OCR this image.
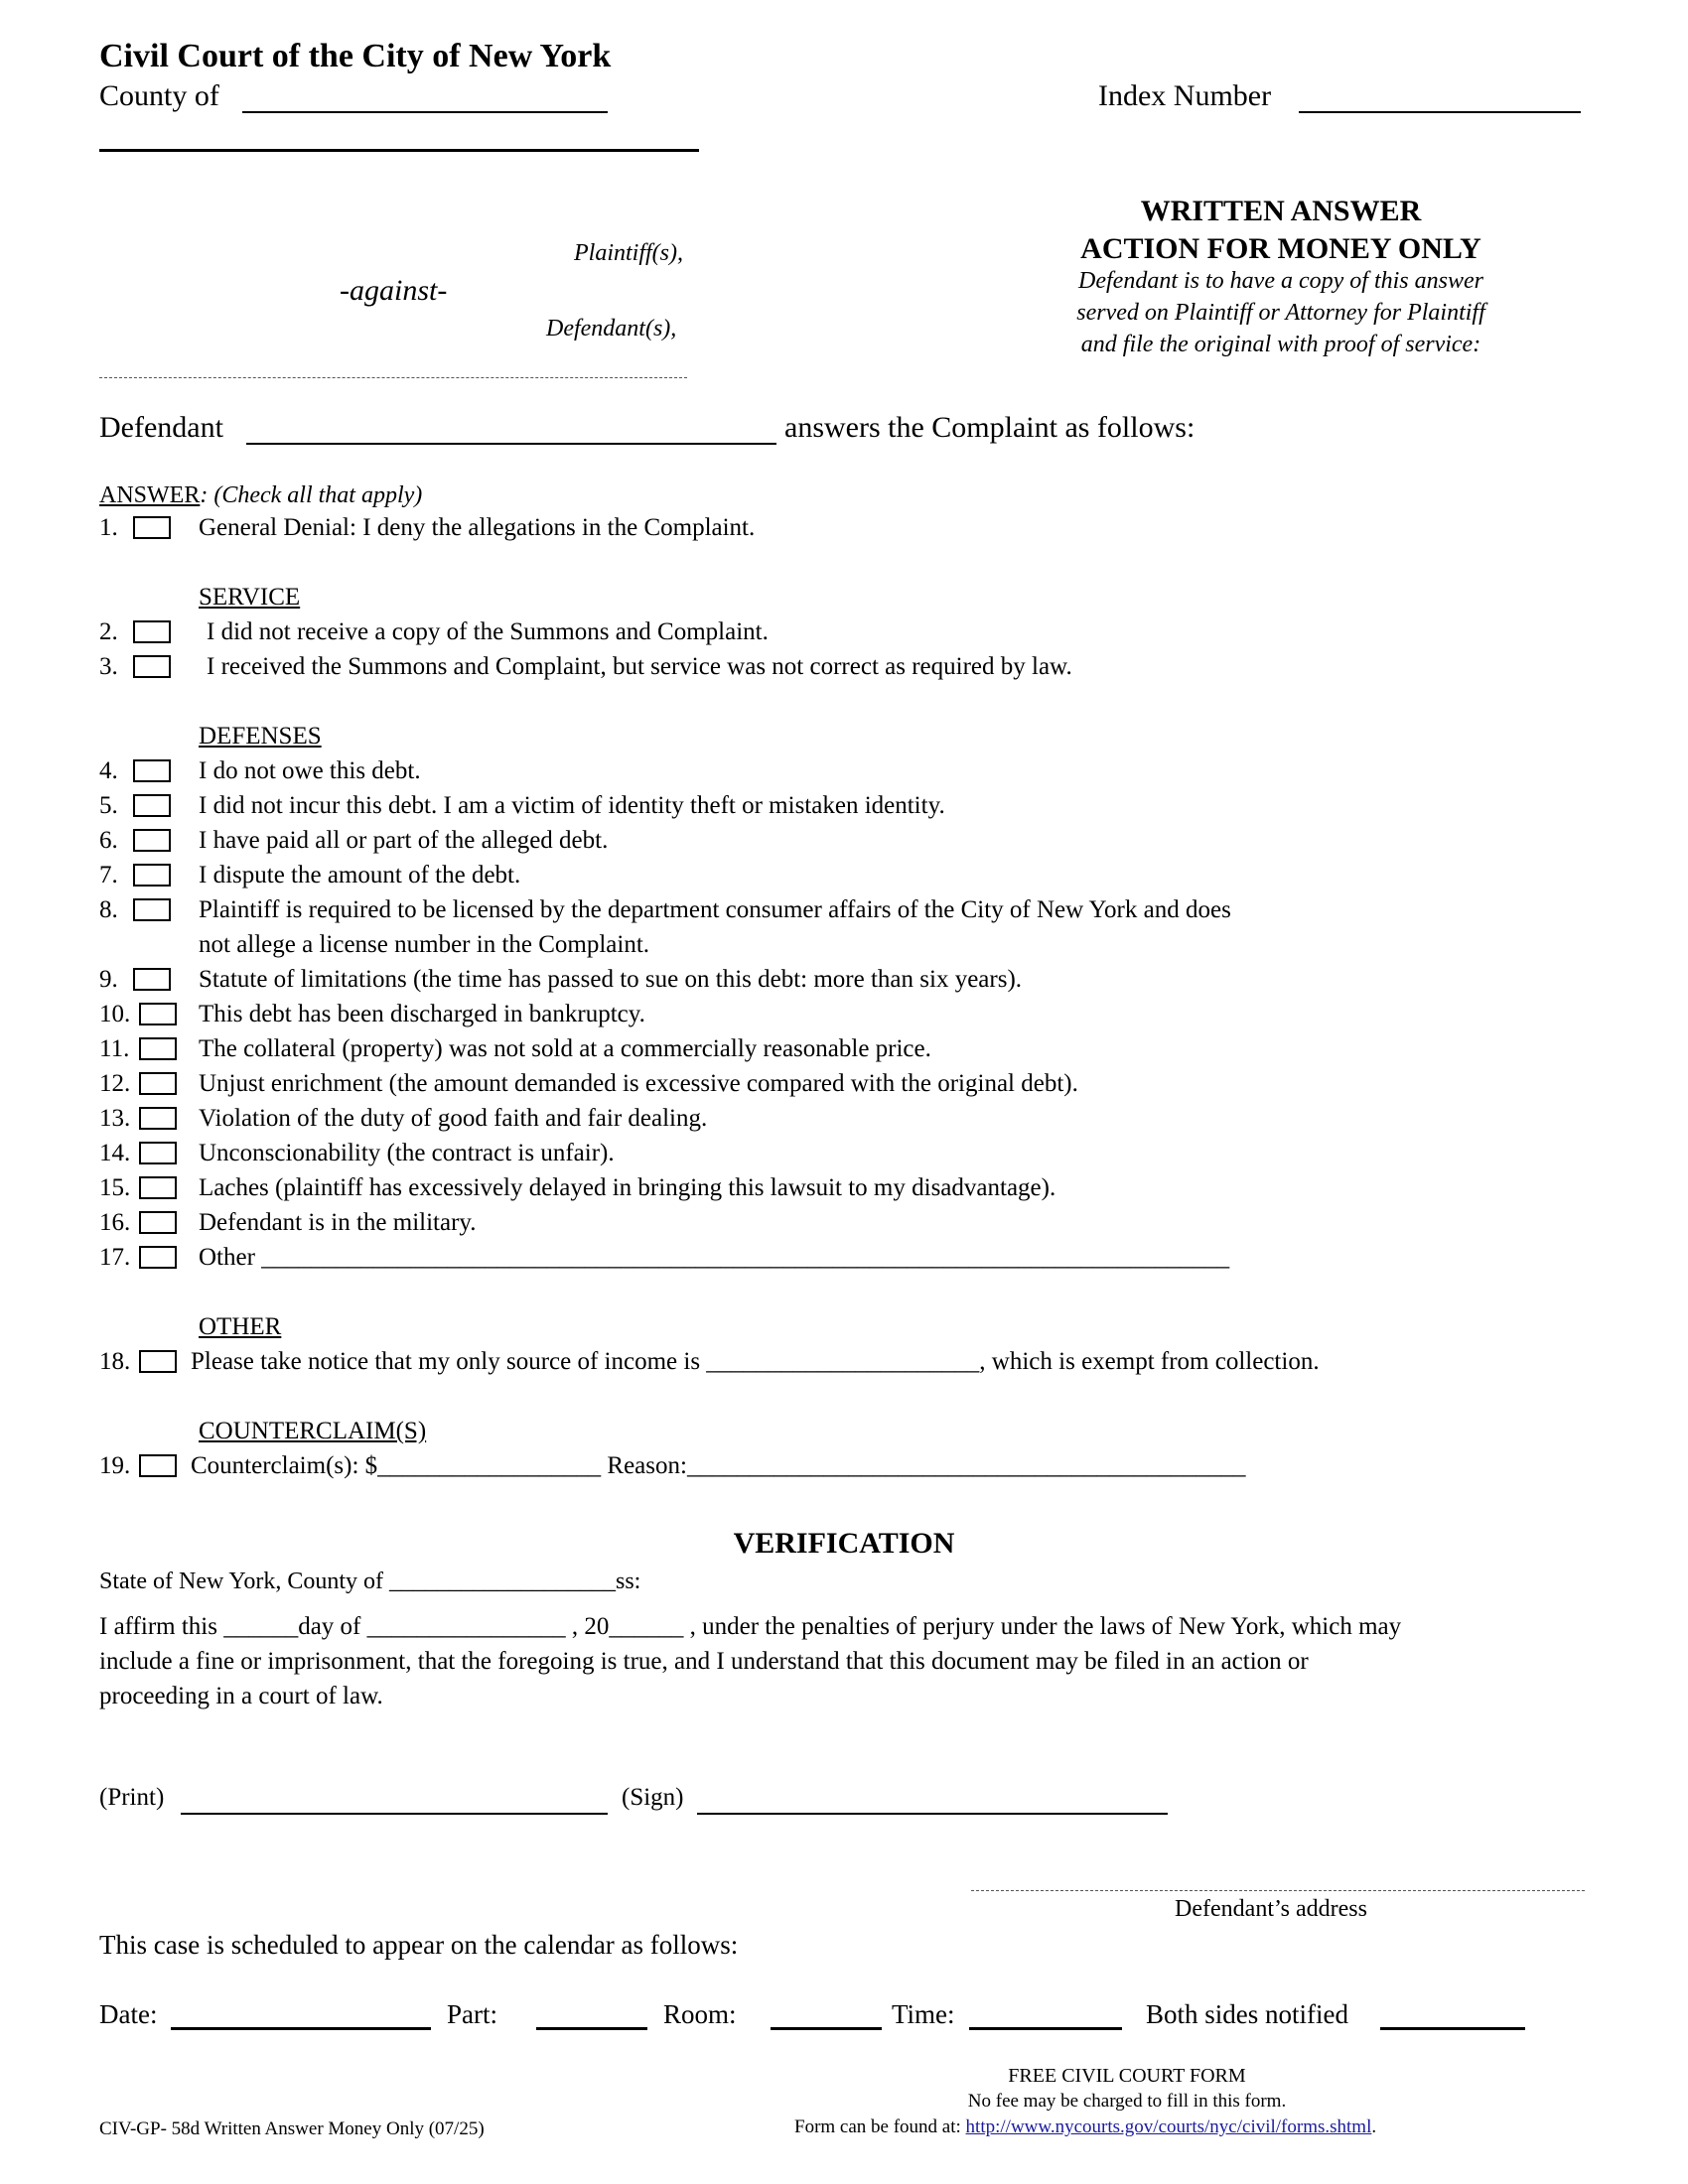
Civil Court of the City of New York
County of	Index Number
Plaintiff(s),
-against-
Defendant(s),
WRITTEN ANSWER
ACTION FOR MONEY ONLY
Defendant is to have a copy of this answer
served on Plaintiff or Attorney for Plaintiff
and file the original with proof of service:
Defendant	answers the Complaint as follows:
ANSWER: (Check all that apply)
1.	General Denial: I deny the allegations in the Complaint.
SERVICE
2.	I did not receive a copy of the Summons and Complaint.
3.	I received the Summons and Complaint, but service was not correct as required by law.
DEFENSES
4.	I do not owe this debt.
5.	I did not incur this debt. I am a victim of identity theft or mistaken identity.
6.	I have paid all or part of the alleged debt.
7.	I dispute the amount of the debt.
8.	Plaintiff is required to be licensed by the department consumer affairs of the City of New York and does
not allege a license number in the Complaint.
9.	Statute of limitations (the time has passed to sue on this debt: more than six years).
10.	This debt has been discharged in bankruptcy.
11.	The collateral (property) was not sold at a commercially reasonable price.
12.	Unjust enrichment (the amount demanded is excessive compared with the original debt).
13.	Violation of the duty of good faith and fair dealing.
14.	Unconscionability (the contract is unfair).
15.	Laches (plaintiff has excessively delayed in bringing this lawsuit to my disadvantage).
16.	Defendant is in the military.
17.	Other ______________________________________________________________________________
OTHER
18. Please take notice that my only source of income is ______________________, which is exempt from collection.
COUNTERCLAIM(S)
19. Counterclaim(s): $__________________ Reason:_____________________________________________
VERIFICATION
State of New York, County of ___________________ss:
I affirm this ______day of ________________ , 20______ , under the penalties of perjury under the laws of New York, which may
include a fine or imprisonment, that the foregoing is true, and I understand that this document may be filed in an action or
proceeding in a court of law.
(Print)	(Sign)
Defendant’s address
This case is scheduled to appear on the calendar as follows:
Date:	Part:	Room:	Time:	Both sides notified
FREE CIVIL COURT FORM
No fee may be charged to fill in this form.
Form can be found at: http://www.nycourts.gov/courts/nyc/civil/forms.shtml.
CIV-GP- 58d Written Answer Money Only (07/25)
